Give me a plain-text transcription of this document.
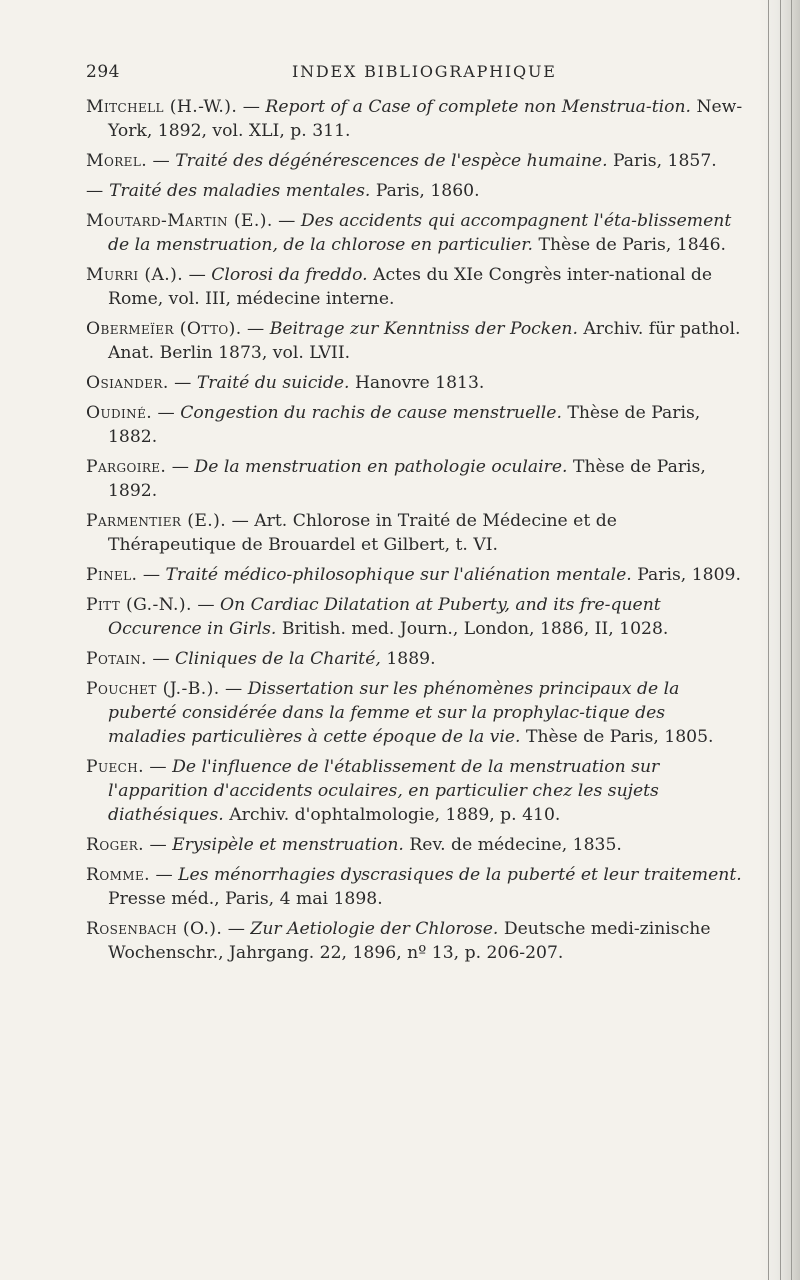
294	INDEX BIBLIOGRAPHIQUE

Mitchell (H.-W.). — Report of a Case of complete non Menstrua-tion. New-York, 1892, vol. XLI, p. 311.

Morel. — Traité des dégénérescences de l'espèce humaine. Paris, 1857.

— Traité des maladies mentales. Paris, 1860.

Moutard-Martin (E.). — Des accidents qui accompagnent l'éta-blissement de la menstruation, de la chlorose en particulier. Thèse de Paris, 1846.

Murri (A.). — Clorosi da freddo. Actes du XIe Congrès inter-national de Rome, vol. III, médecine interne.

Obermeïer (Otto). — Beitrage zur Kenntniss der Pocken. Archiv. für pathol. Anat. Berlin 1873, vol. LVII.

Osiander. — Traité du suicide. Hanovre 1813.

Oudiné. — Congestion du rachis de cause menstruelle. Thèse de Paris, 1882.

Pargoire. — De la menstruation en pathologie oculaire. Thèse de Paris, 1892.

Parmentier (E.). — Art. Chlorose in Traité de Médecine et de Thérapeutique de Brouardel et Gilbert, t. VI.

Pinel. — Traité médico-philosophique sur l'aliénation mentale. Paris, 1809.

Pitt (G.-N.). — On Cardiac Dilatation at Puberty, and its fre-quent Occurence in Girls. British. med. Journ., London, 1886, II, 1028.

Potain. — Cliniques de la Charité, 1889.

Pouchet (J.-B.). — Dissertation sur les phénomènes principaux de la puberté considérée dans la femme et sur la prophylac-tique des maladies particulières à cette époque de la vie. Thèse de Paris, 1805.

Puech. — De l'influence de l'établissement de la menstruation sur l'apparition d'accidents oculaires, en particulier chez les sujets diathésiques. Archiv. d'ophtalmologie, 1889, p. 410.

Roger. — Erysipèle et menstruation. Rev. de médecine, 1835.

Romme. — Les ménorrhagies dyscrasiques de la puberté et leur traitement. Presse méd., Paris, 4 mai 1898.

Rosenbach (O.). — Zur Aetiologie der Chlorose. Deutsche medi-zinische Wochenschr., Jahrgang. 22, 1896, nº 13, p. 206-207.
